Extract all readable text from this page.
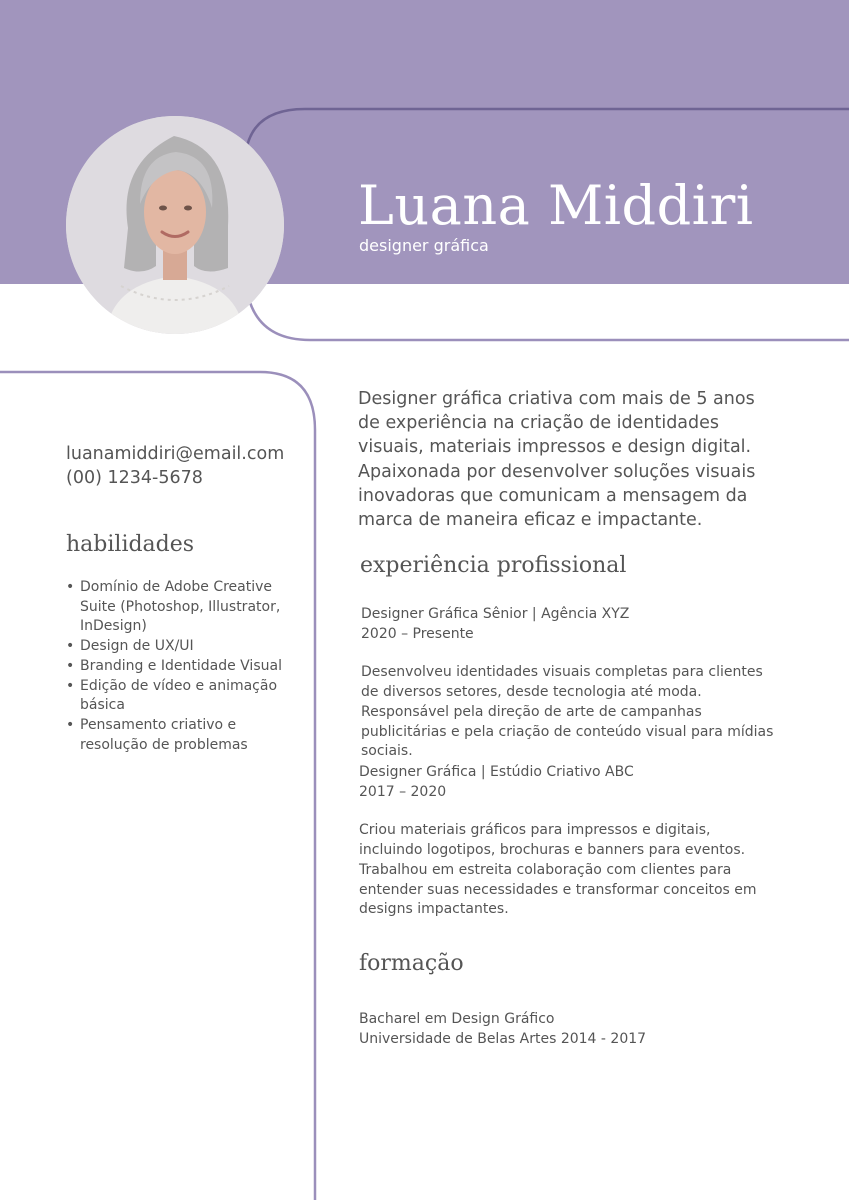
Luana Middiri
designer gráfica
luanamiddiri@email.com
(00) 1234-5678
habilidades
• Domínio de Adobe Creative Suite (Photoshop, Illustrator, InDesign)
• Design de UX/UI
• Branding e Identidade Visual
• Edição de vídeo e animação básica
• Pensamento criativo e resolução de problemas

Designer gráfica criativa com mais de 5 anos de experiência na criação de identidades visuais, materiais impressos e design digital. Apaixonada por desenvolver soluções visuais inovadoras que comunicam a mensagem da marca de maneira eficaz e impactante.

experiência profissional
Designer Gráfica Sênior | Agência XYZ
2020 – Presente

Desenvolveu identidades visuais completas para clientes de diversos setores, desde tecnologia até moda. Responsável pela direção de arte de campanhas publicitárias e pela criação de conteúdo visual para mídias sociais.

Designer Gráfica | Estúdio Criativo ABC
2017 – 2020

Criou materiais gráficos para impressos e digitais, incluindo logotipos, brochuras e banners para eventos. Trabalhou em estreita colaboração com clientes para entender suas necessidades e transformar conceitos em designs impactantes.

formação
Bacharel em Design Gráfico
Universidade de Belas Artes 2014 - 2017
